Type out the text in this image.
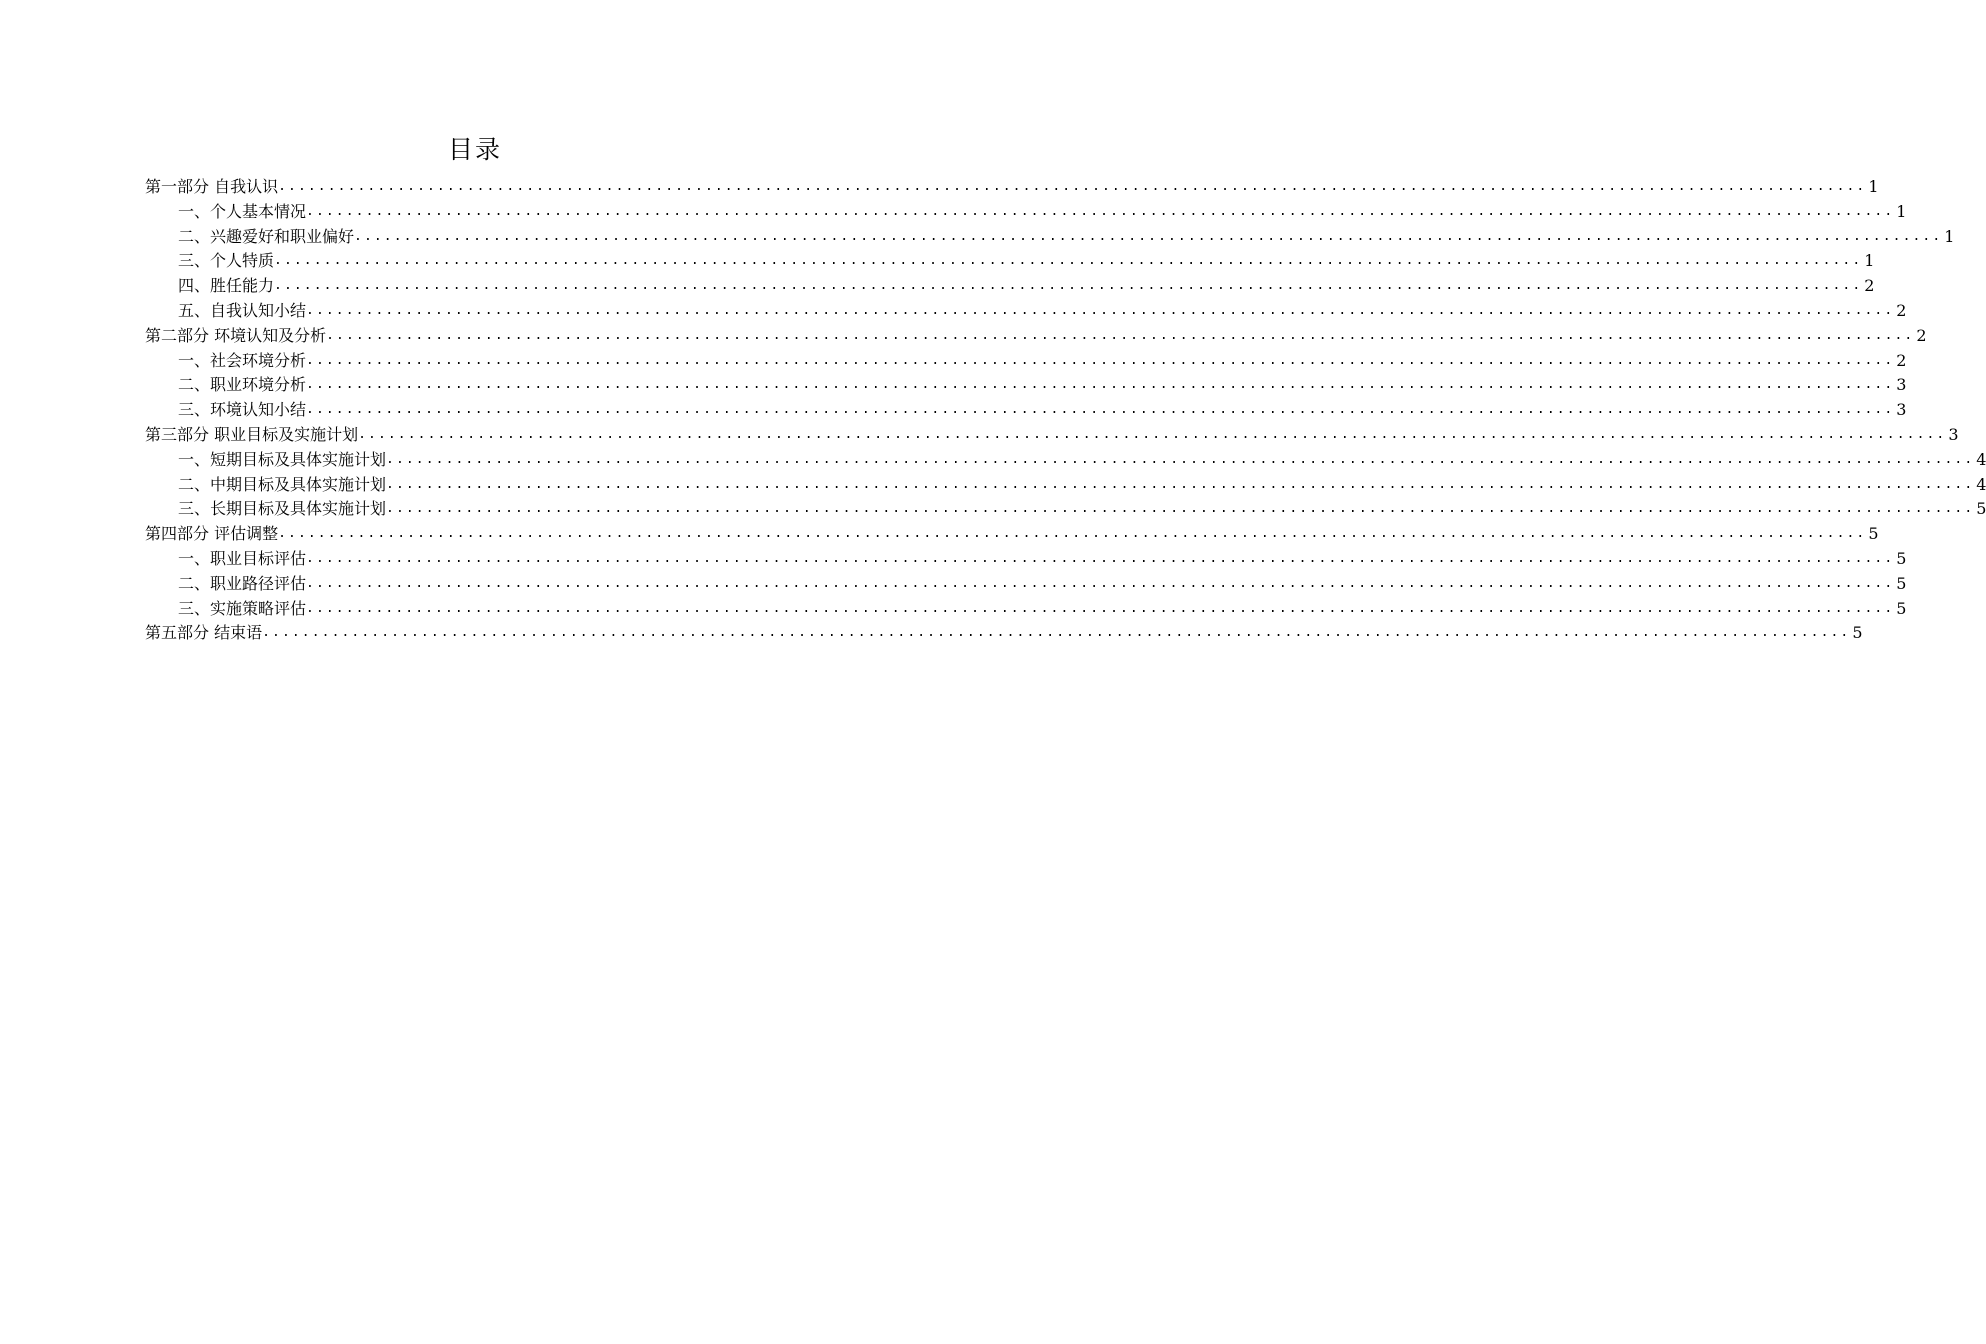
目录
第一部分 自我认识 ................................................................................................................................................................ 1
一、个人基本情况 ................................................................................................................................................................ 1
二、兴趣爱好和职业偏好 ................................................................................................................................................................ 1
三、个人特质 ................................................................................................................................................................ 1
四、胜任能力 ................................................................................................................................................................ 2
五、自我认知小结 ................................................................................................................................................................ 2
第二部分 环境认知及分析 ................................................................................................................................................................ 2
一、社会环境分析 ................................................................................................................................................................ 2
二、职业环境分析 ................................................................................................................................................................ 3
三、环境认知小结 ................................................................................................................................................................ 3
第三部分 职业目标及实施计划 ................................................................................................................................................................ 3
一、短期目标及具体实施计划 ................................................................................................................................................................ 4
二、中期目标及具体实施计划 ................................................................................................................................................................ 4
三、长期目标及具体实施计划 ................................................................................................................................................................ 5
第四部分 评估调整 ................................................................................................................................................................ 5
一、职业目标评估 ................................................................................................................................................................ 5
二、职业路径评估 ................................................................................................................................................................ 5
三、实施策略评估 ................................................................................................................................................................ 5
第五部分 结束语 ................................................................................................................................................................ 5
